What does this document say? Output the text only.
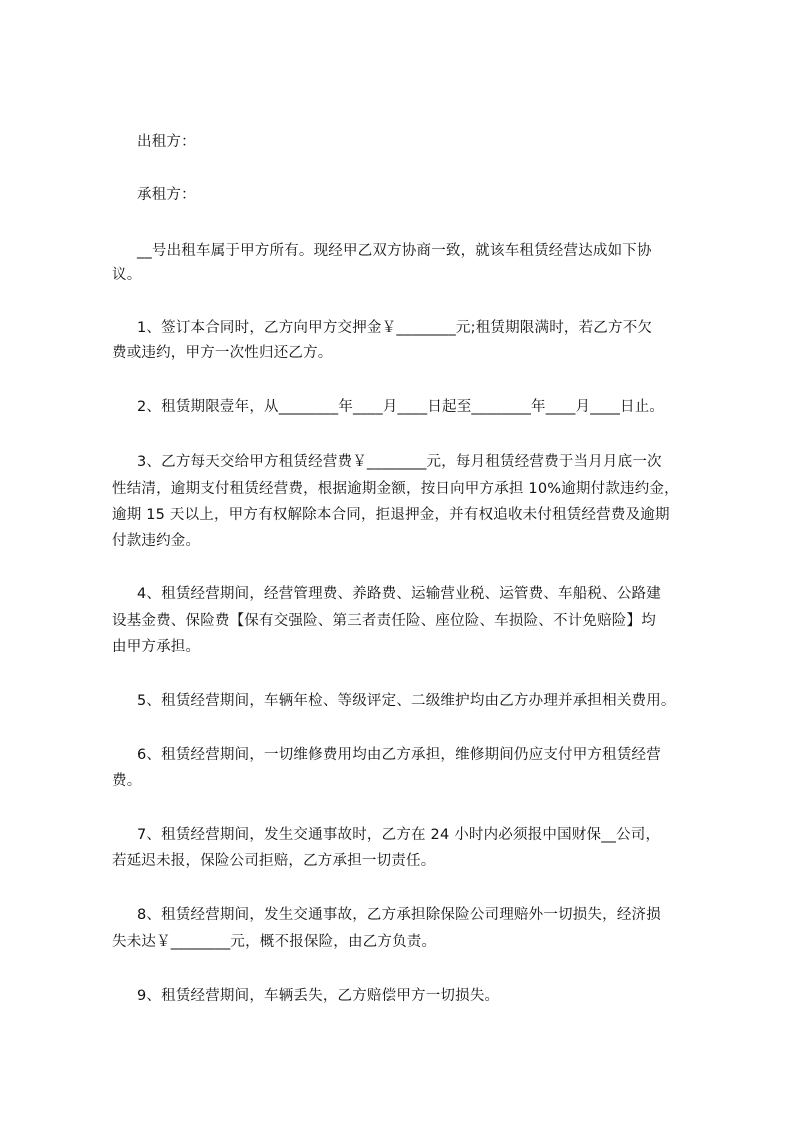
出租方：
承租方：
__号出租车属于甲方所有。现经甲乙双方协商一致，就该车租赁经营达成如下协
议。
1、签订本合同时，乙方向甲方交押金￥________元;租赁期限满时，若乙方不欠
费或违约，甲方一次性归还乙方。
2、租赁期限壹年，从________年____月____日起至________年____月____日止。
3、乙方每天交给甲方租赁经营费￥________元，每月租赁经营费于当月月底一次
性结清，逾期支付租赁经营费，根据逾期金额，按日向甲方承担 10%逾期付款违约金，
逾期 15 天以上，甲方有权解除本合同，拒退押金，并有权追收未付租赁经营费及逾期
付款违约金。
4、租赁经营期间，经营管理费、养路费、运输营业税、运管费、车船税、公路建
设基金费、保险费【保有交强险、第三者责任险、座位险、车损险、不计免赔险】均
由甲方承担。
5、租赁经营期间，车辆年检、等级评定、二级维护均由乙方办理并承担相关费用。
6、租赁经营期间，一切维修费用均由乙方承担，维修期间仍应支付甲方租赁经营
费。
7、租赁经营期间，发生交通事故时，乙方在 24 小时内必须报中国财保__公司，
若延迟未报，保险公司拒赔，乙方承担一切责任。
8、租赁经营期间，发生交通事故，乙方承担除保险公司理赔外一切损失，经济损
失未达￥________元，概不报保险，由乙方负责。
9、租赁经营期间，车辆丢失，乙方赔偿甲方一切损失。
